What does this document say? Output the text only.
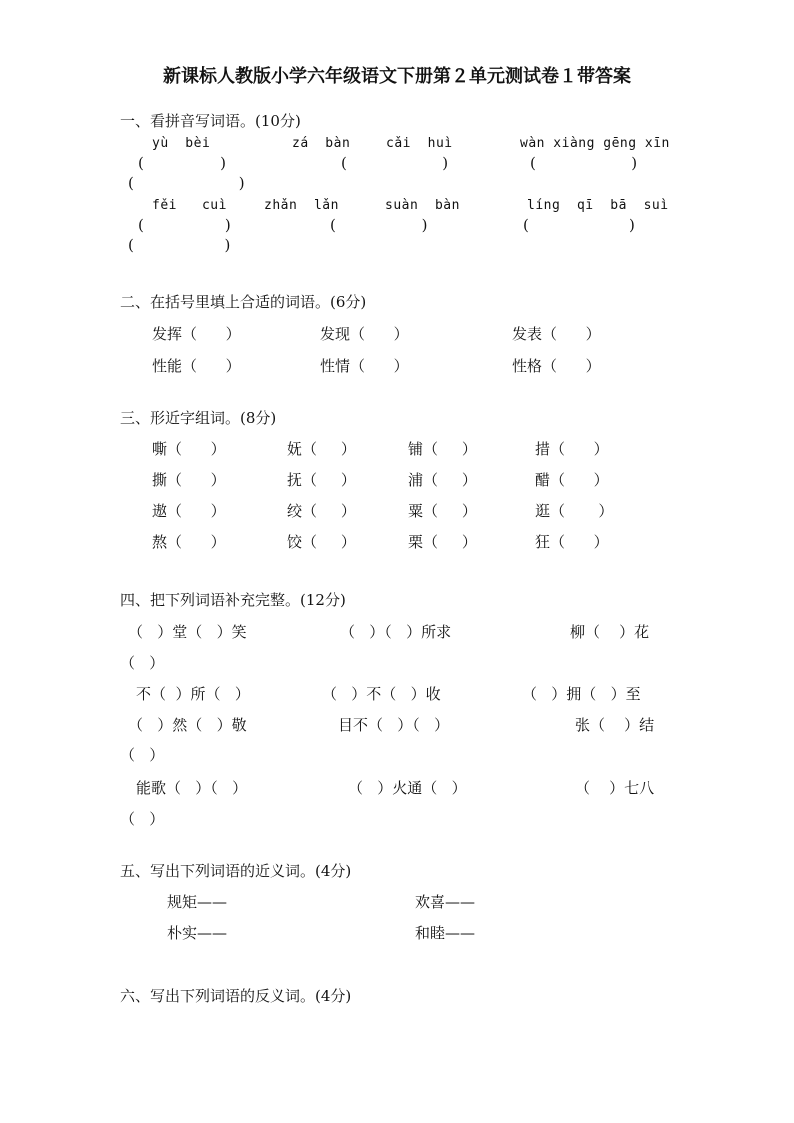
新课标人教版小学六年级语文下册第２单元测试卷１带答案
一、看拼音写词语。(10分)
yù  bèi	zá  bàn	cǎi  huì	wàn xiàng gēng xīn
(                )	(                    )	(                    )
(                      )
fěi   cuì	zhǎn  lǎn	suàn  bàn	líng  qī  bā  suì
(                 )	(                  )	(                     )
(                   )
二、在括号里填上合适的词语。(6分)
发挥（      ）	发现（      ）	发表（      ）
性能（      ）	性情（      ）	性格（      ）
三、形近字组词。(8分)
嘶（      ）	妩（     ）	铺（     ）	措（      ）
撕（      ）	抚（     ）	浦（     ）	醋（      ）
遨（      ）	绞（     ）	粟（     ）	逛（       ）
熬（      ）	饺（     ）	栗（     ）	狂（      ）
四、把下列词语补充完整。(12分)
（   ）堂（   ）笑	（   ）（   ）所求	柳（    ）花
（   ）
不（  ）所（   ）	（   ）不（   ）收	（   ）拥（   ）至
（   ）然（   ）敬	目不（   ）（   ）	张（    ）结
（   ）
能歌（   ）（   ）	（   ）火通（   ）	（    ）七八
（   ）
五、写出下列词语的近义词。(4分)
规矩——	欢喜——
朴实——	和睦——
六、写出下列词语的反义词。(4分)
